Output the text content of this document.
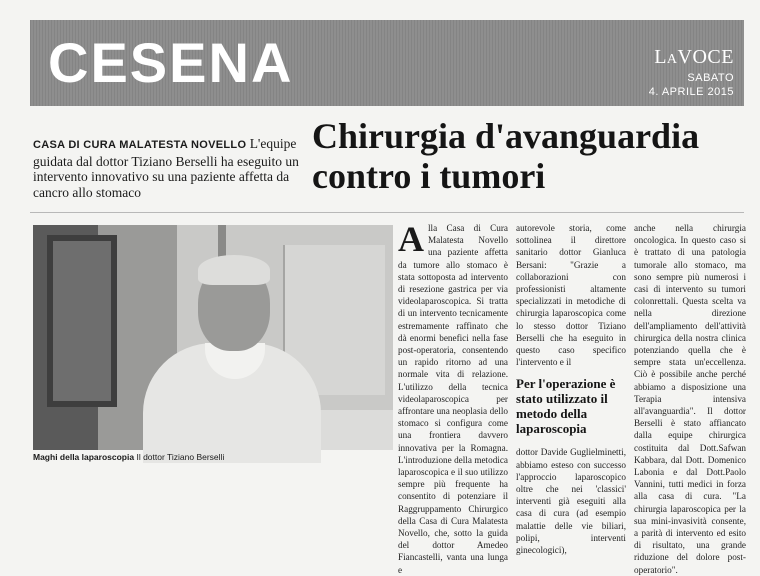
CESENA	LaVOCE
SABATO
4. APRILE 2015
CASA DI CURA MALATESTA NOVELLO L'equipe guidata dal dottor Tiziano Berselli ha eseguito un intervento innovativo su una paziente affetta da cancro allo stomaco
Chirurgia d'avanguardia
contro i tumori
Maghi della laparoscopia Il dottor Tiziano Berselli
A lla Casa di Cura Malatesta Novello una paziente affetta da tumore allo stomaco è stata sottoposta ad intervento di resezione gastrica per via videolaparoscopica. Si tratta di un intervento tecnicamente estremamente raffinato che dà enormi benefici nella fase post-operatoria, consentendo un rapido ritorno ad una normale vita di relazione. L'utilizzo della tecnica videolaparoscopica per affrontare una neoplasia dello stomaco si configura come una frontiera davvero innovativa per la Romagna. L'introduzione della metodica laparoscopica e il suo utilizzo sempre più frequente ha consentito di potenziare il Raggruppamento Chirurgico della Casa di Cura Malatesta Novello, che, sotto la guida del dottor Amedeo Fiancastelli, vanta una lunga e

autorevole storia, come sottolinea il direttore sanitario dottor Gianluca Bersani: "Grazie a collaborazioni con professionisti altamente specializzati in metodiche di chirurgia laparoscopica come lo stesso dottor Tiziano Berselli che ha eseguito in questo caso specifico l'intervento e il

Per l'operazione è stato utilizzato il metodo della laparoscopia

dottor Davide Guglielminetti, abbiamo esteso con successo l'approccio laparoscopico oltre che nei 'classici' interventi già eseguiti alla casa di cura (ad esempio malattie delle vie biliari, polipi, interventi ginecologici),

anche nella chirurgia oncologica. In questo caso si è trattato di una patologia tumorale allo stomaco, ma sono sempre più numerosi i casi di intervento su tumori colonrettali. Questa scelta va nella direzione dell'ampliamento dell'attività chirurgica della nostra clinica potenziando quella che è sempre stata un'eccellenza. Ciò è possibile anche perché abbiamo a disposizione una Terapia intensiva all'avanguardia". Il dottor Berselli è stato affiancato dalla equipe chirurgica costituita dal Dott.Safwan Kabbara, dal Dott. Domenico Labonia e dal Dott.Paolo Vannini, tutti medici in forza alla casa di cura. "La chirurgia laparoscopica per la sua mini-invasività consente, a parità di intervento ed esito di risultato, una grande riduzione del dolore post-operatorio".
